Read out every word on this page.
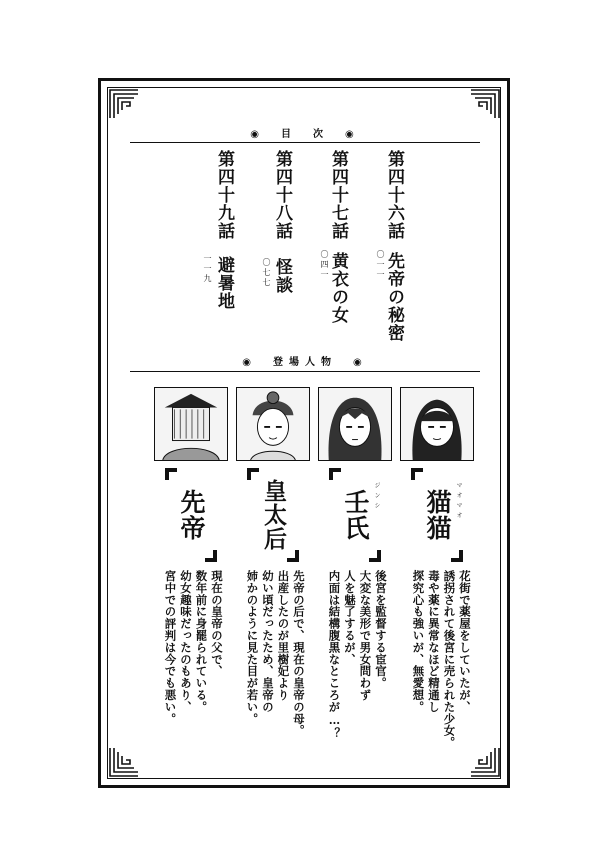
◉　目　次　◉
第四十六話
〇一一 先帝の秘密
第四十七話
〇四一 黄衣の女
第四十八話
〇七七 怪談
第四十九話
一一九 避暑地
◉　登場人物　◉
猫猫 マオマオ
壬氏 ジンシ
皇太后
先帝
花街で薬屋をしていたが、
誘拐されて後宮に売られた少女。
毒や薬に異常なほど精通し
探究心も強いが、無愛想。
後宮を監督する宦官。
大変な美形で男女問わず
人を魅了するが、
内面は結構腹黒なところが…？
先帝の后で、現在の皇帝の母。
出産したのが里樹妃より
幼い頃だったため、皇帝の
姉かのように見た目が若い。
現在の皇帝の父で、
数年前に身罷られている。
幼女趣味だったのもあり、
宮中での評判は今でも悪い。
